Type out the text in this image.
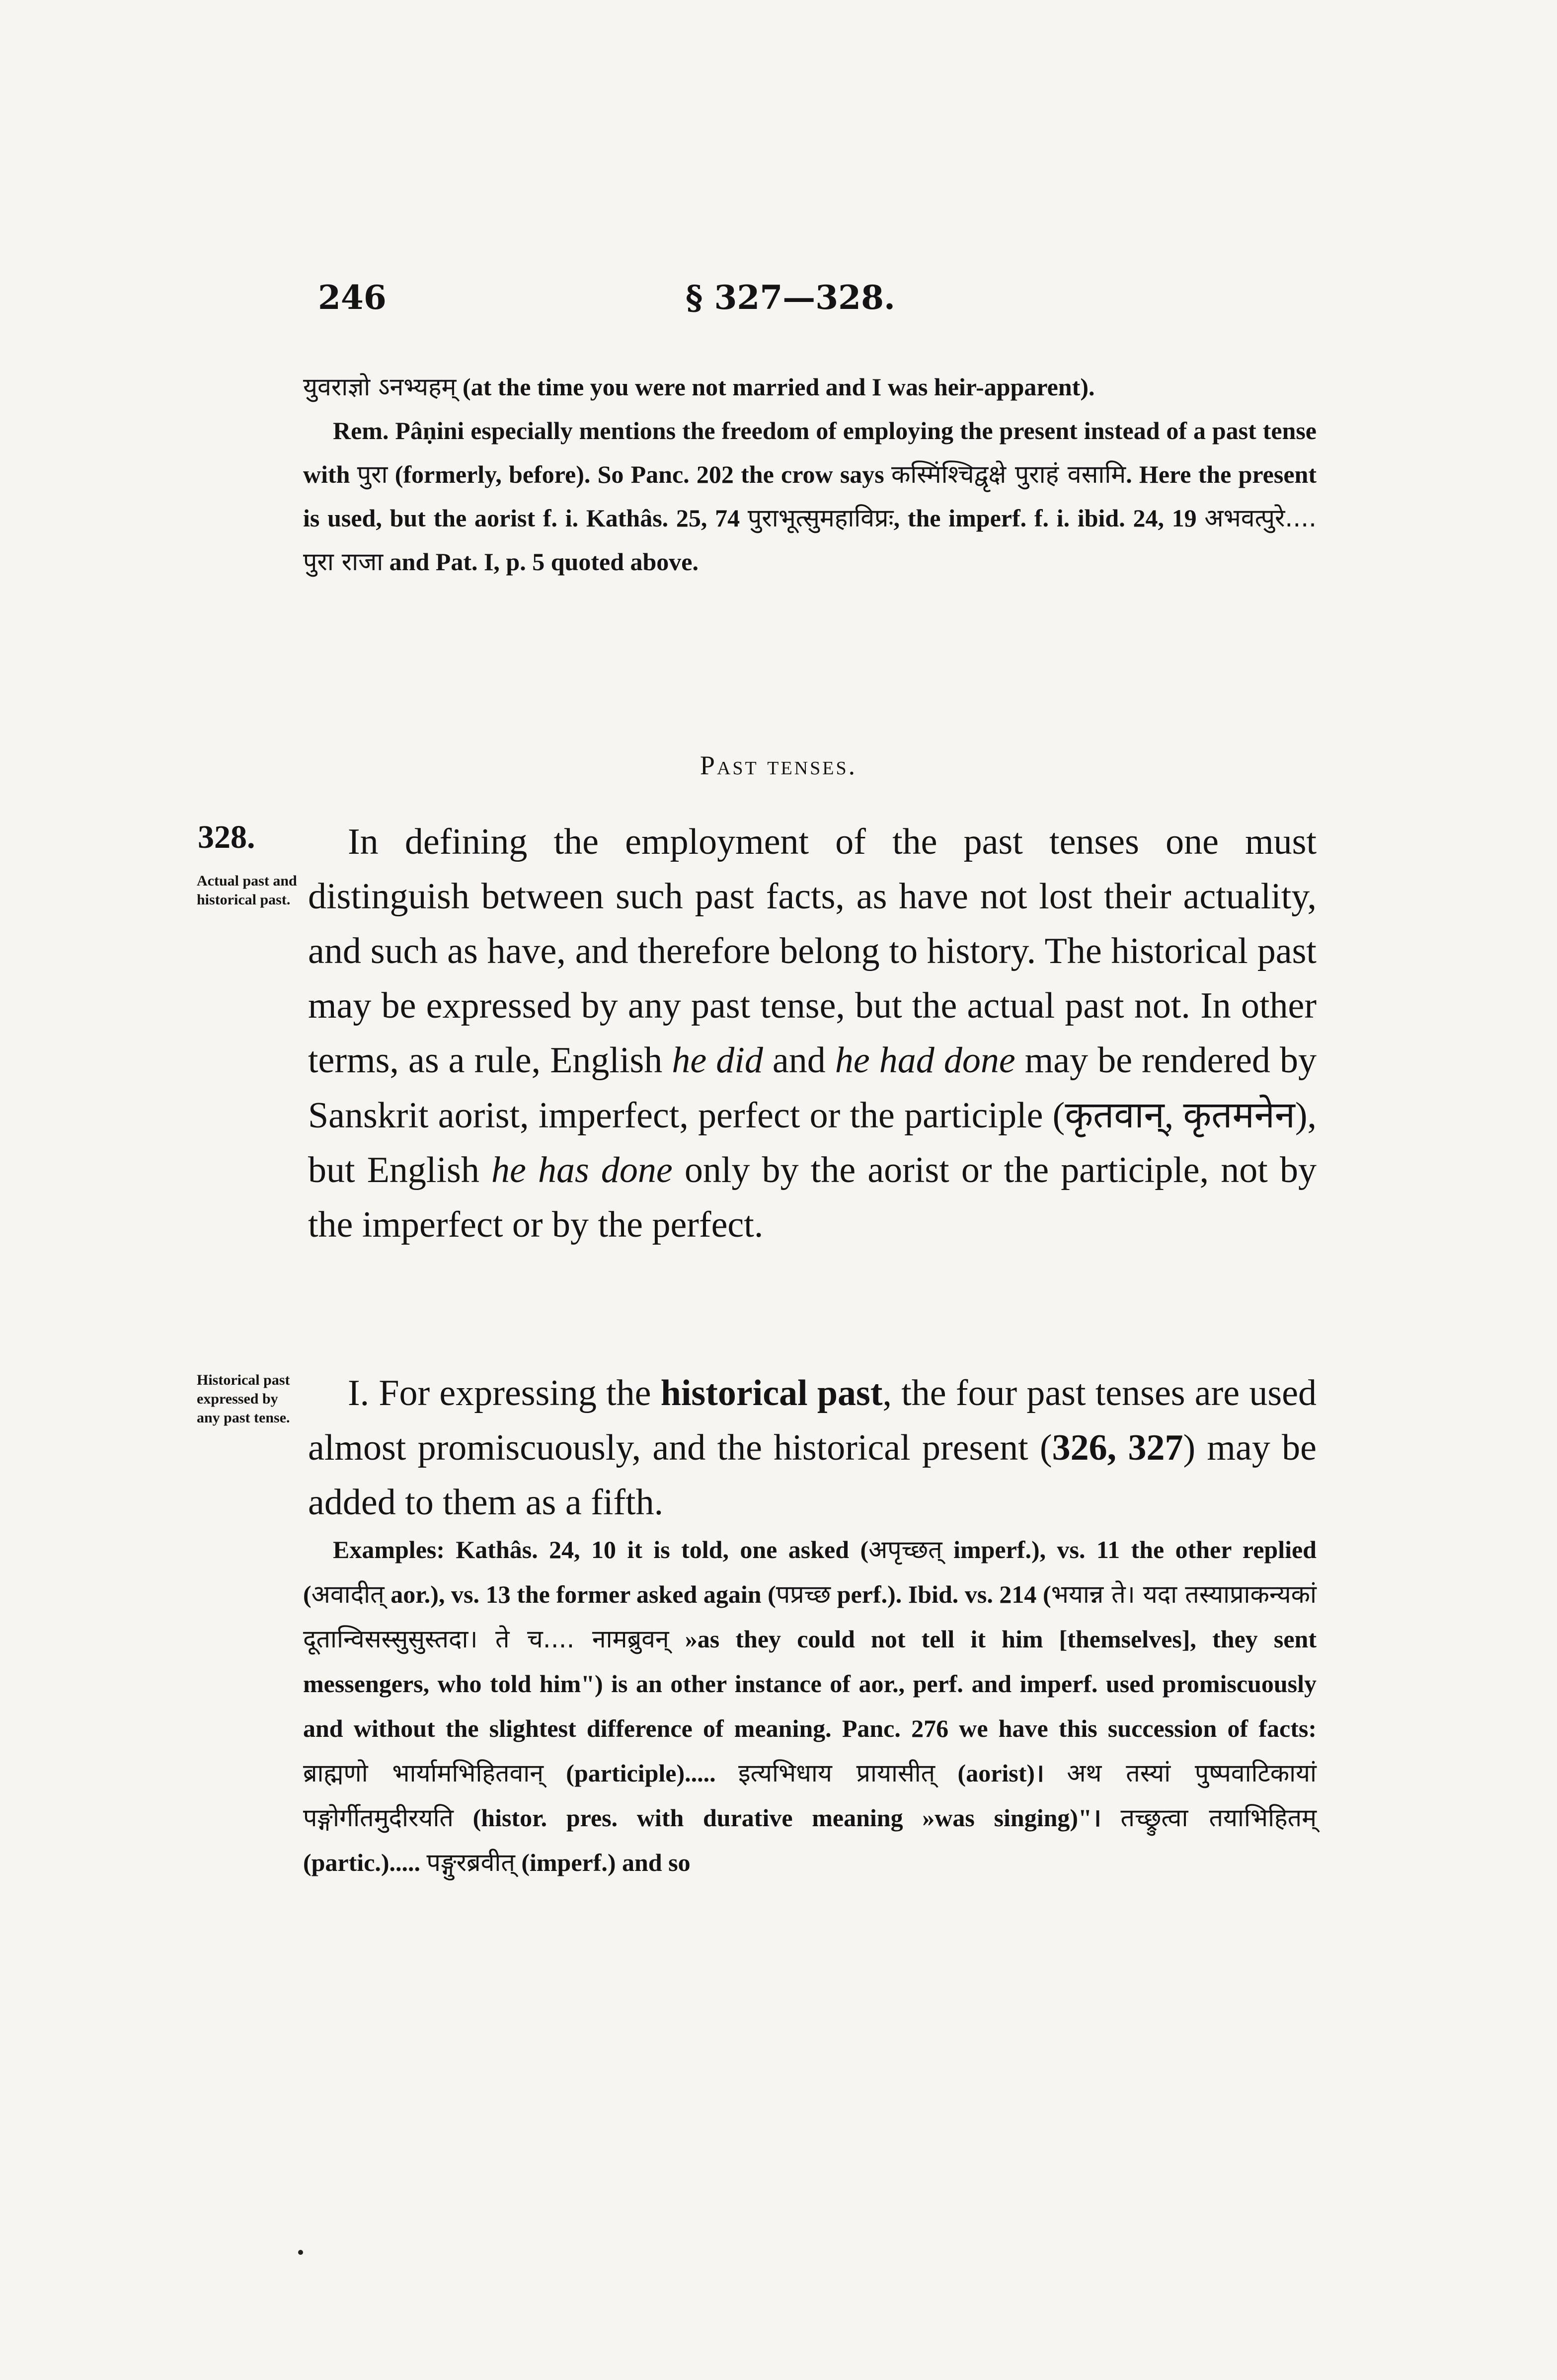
246	§ 327—328.

युवराज्ञो ऽनभ्यहम् (at the time you were not married and I was heir-apparent).

Rem. Pâṇini especially mentions the freedom of employing the present instead of a past tense with पुरा (formerly, before). So Panc. 202 the crow says कस्मिंश्चिद्वृक्षे पुराहं वसामि. Here the present is used, but the aorist f. i. Kathâs. 25, 74 पुराभूत्सुमहाविप्रः, the imperf. f. i. ibid. 24, 19 अभवत्पुरे.... पुरा राजा and Pat. I, p. 5 quoted above.

Past tenses.
328.
Actual past and historical past.

In defining the employment of the past tenses one must distinguish between such past facts, as have not lost their actuality, and such as have, and therefore belong to history. The historical past may be expressed by any past tense, but the actual past not. In other terms, as a rule, English he did and he had done may be rendered by Sanskrit aorist, imperfect, perfect or the participle (कृतवान्, कृतमनेन), but English he has done only by the aorist or the participle, not by the imperfect or by the perfect.

Historical past expressed by any past tense.

I. For expressing the historical past, the four past tenses are used almost promiscuously, and the historical present (326, 327) may be added to them as a fifth.

Examples: Kathâs. 24, 10 it is told, one asked (अपृच्छत् imperf.), vs. 11 the other replied (अवादीत् aor.), vs. 13 the former asked again (पप्रच्छ perf.). Ibid. vs. 214 (भयान्न ते। यदा तस्याप्राकन्यकां दूतान्विसस्सुसुस्तदा। ते च.... नामब्रुवन् »as they could not tell it him [themselves], they sent messengers, who told him") is an other instance of aor., perf. and imperf. used promiscuously and without the slightest difference of meaning. Panc. 276 we have this succession of facts: ब्राह्मणो भार्यामभिहितवान् (participle)..... इत्यभिधाय प्रायासीत् (aorist)। अथ तस्यां पुष्पवाटिकायां पङ्गोर्गीतमुदीरयति (histor. pres. with durative meaning »was singing)"। तच्छ्रुत्वा तयाभिहितम् (partic.)..... पङ्गुरब्रवीत् (imperf.) and so
